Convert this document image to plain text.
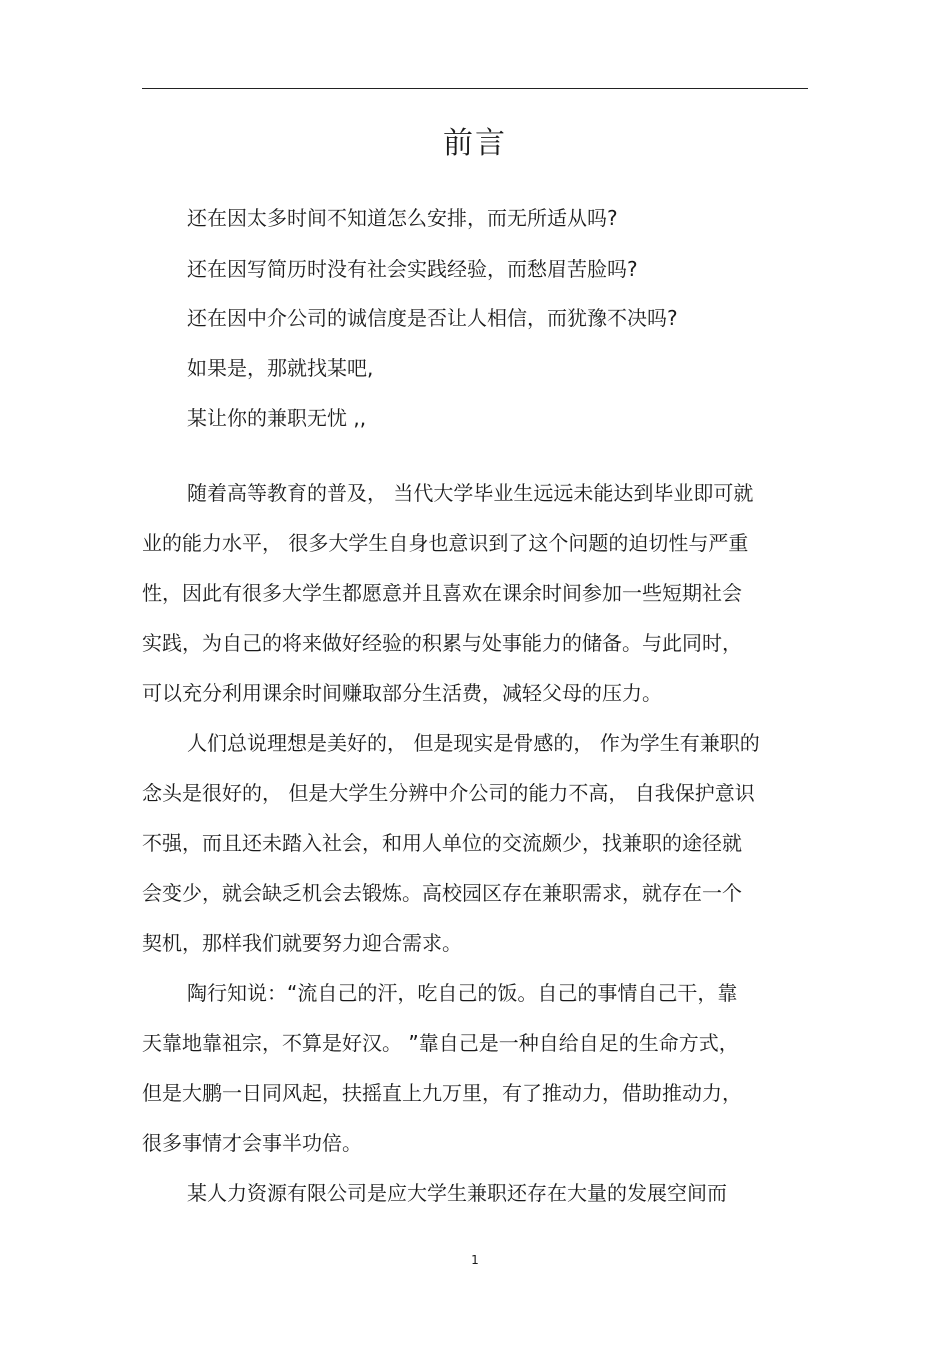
前言
还在因太多时间不知道怎么安排，而无所适从吗?
还在因写简历时没有社会实践经验，而愁眉苦脸吗?
还在因中介公司的诚信度是否让人相信，而犹豫不决吗?
如果是，那就找某吧,
某让你的兼职无忧 ,,
随着高等教育的普及， 当代大学毕业生远远未能达到毕业即可就
业的能力水平， 很多大学生自身也意识到了这个问题的迫切性与严重
性，因此有很多大学生都愿意并且喜欢在课余时间参加一些短期社会
实践，为自己的将来做好经验的积累与处事能力的储备。与此同时，
可以充分利用课余时间赚取部分生活费，减轻父母的压力。
人们总说理想是美好的， 但是现实是骨感的， 作为学生有兼职的
念头是很好的， 但是大学生分辨中介公司的能力不高， 自我保护意识
不强，而且还未踏入社会，和用人单位的交流颇少，找兼职的途径就
会变少，就会缺乏机会去锻炼。高校园区存在兼职需求，就存在一个
契机，那样我们就要努力迎合需求。
陶行知说：“流自己的汗，吃自己的饭。自己的事情自己干，靠
天靠地靠祖宗，不算是好汉。 ”靠自己是一种自给自足的生命方式，
但是大鹏一日同风起，扶摇直上九万里，有了推动力，借助推动力，
很多事情才会事半功倍。
某人力资源有限公司是应大学生兼职还存在大量的发展空间而
1
